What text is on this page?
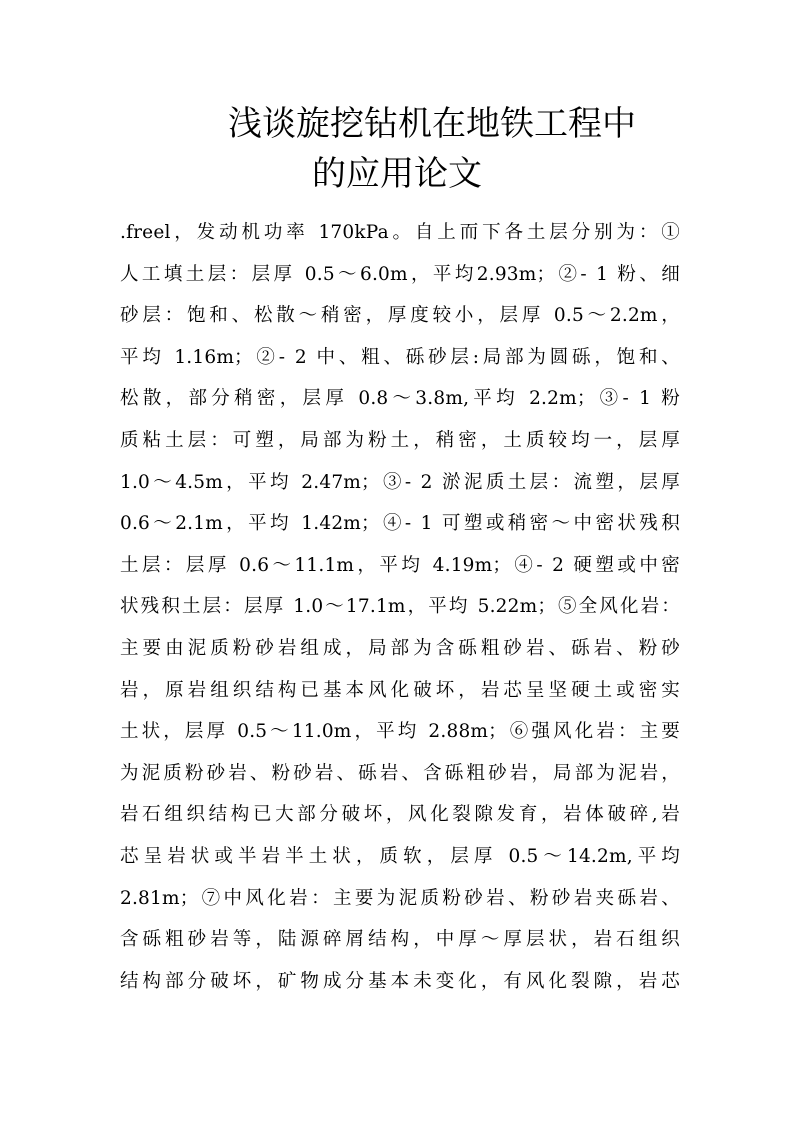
浅谈旋挖钻机在地铁工程中
的应用论文
.freel，发动机功率 170kPa。自上而下各土层分别为：①
人工填土层：层厚 0.5～6.0m，平均2.93m；②- 1 粉、细
砂层：饱和、松散～稍密，厚度较小，层厚 0.5～2.2m，
平均 1.16m；②- 2 中、粗、砾砂层:局部为圆砾，饱和、
松散，部分稍密，层厚 0.8～3.8m,平均 2.2m；③- 1 粉
质粘土层：可塑，局部为粉土，稍密，土质较均一，层厚
1.0～4.5m，平均 2.47m；③- 2 淤泥质土层：流塑，层厚
0.6～2.1m，平均 1.42m；④- 1 可塑或稍密～中密状残积
土层：层厚 0.6～11.1m，平均 4.19m；④- 2 硬塑或中密
状残积土层：层厚 1.0～17.1m，平均 5.22m；⑤全风化岩：
主要由泥质粉砂岩组成，局部为含砾粗砂岩、砾岩、粉砂
岩，原岩组织结构已基本风化破坏，岩芯呈坚硬土或密实
土状，层厚 0.5～11.0m，平均 2.88m；⑥强风化岩：主要
为泥质粉砂岩、粉砂岩、砾岩、含砾粗砂岩，局部为泥岩，
岩石组织结构已大部分破坏，风化裂隙发育，岩体破碎,岩
芯呈岩状或半岩半土状，质软，层厚 0.5～14.2m,平均
2.81m；⑦中风化岩：主要为泥质粉砂岩、粉砂岩夹砾岩、
含砾粗砂岩等，陆源碎屑结构，中厚～厚层状，岩石组织
结构部分破坏，矿物成分基本未变化，有风化裂隙，岩芯
